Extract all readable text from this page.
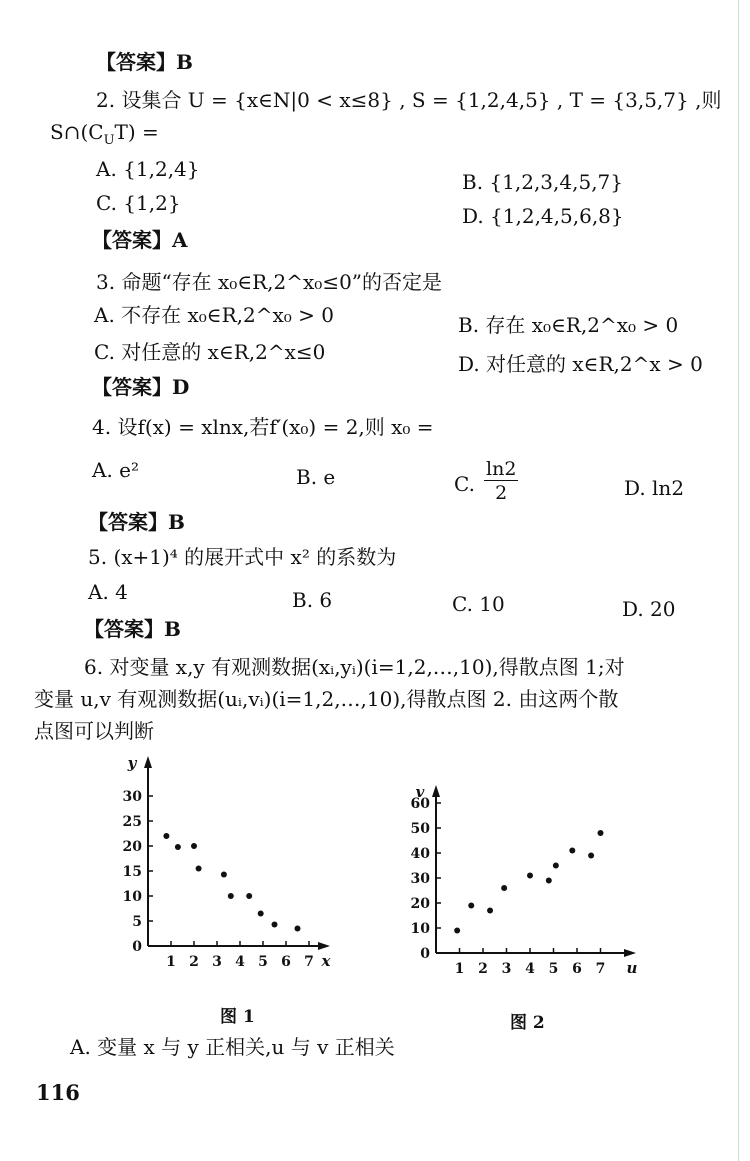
【答案】B
2. 设集合 U = {x∈N|0 < x≤8} , S = {1,2,4,5} , T = {3,5,7} ,则
$S\cap(C_UT)$ =
A. {1,2,4}
B. {1,2,3,4,5,7}
C. {1,2}
D. {1,2,4,5,6,8}
【答案】A
3. 命题“存在 x₀∈R,2^x₀≤0”的否定是
A. 不存在 x₀∈R,2^x₀ > 0	B. 存在 x₀∈R,2^x₀ > 0
C. 对任意的 x∈R,2^x≤0	D. 对任意的 x∈R,2^x > 0
【答案】D
4. 设f(x) = xlnx,若f′(x₀) = 2,则 x₀ =
A. e²	B. e	C. $\frac{\ln 2}{2}$	D. ln2
【答案】B
5. (x+1)⁴ 的展开式中 x² 的系数为
A. 4	B. 6	C. 10	D. 20
【答案】B
6. 对变量 x,y 有观测数据(xᵢ,yᵢ)(i=1,2,…,10),得散点图 1;对
变量 u,v 有观测数据(uᵢ,vᵢ)(i=1,2,…,10),得散点图 2. 由这两个散
点图可以判断
0
5
10
15
20
25
30
1 2 3 4 5 6 7 x
y
图 1
0
10
20
30
40
50
60
1 2 3 4 5 6 7 u
v
图 2
A. 变量 x 与 y 正相关,u 与 v 正相关
116
